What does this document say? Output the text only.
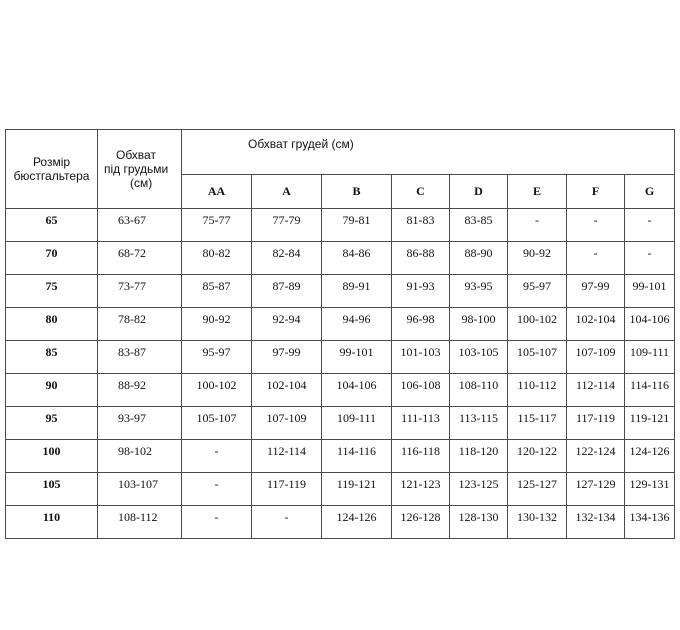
Розмір
бюстгальтера	Обхват
під грудьми
(см)	Обхват грудей (см)							
		AA	A	B	C	D	E	F	G
65	63-67	75-77	77-79	79-81	81-83	83-85	-	-	-
70	68-72	80-82	82-84	84-86	86-88	88-90	90-92	-	-
75	73-77	85-87	87-89	89-91	91-93	93-95	95-97	97-99	99-101
80	78-82	90-92	92-94	94-96	96-98	98-100	100-102	102-104	104-106
85	83-87	95-97	97-99	99-101	101-103	103-105	105-107	107-109	109-111
90	88-92	100-102	102-104	104-106	106-108	108-110	110-112	112-114	114-116
95	93-97	105-107	107-109	109-111	111-113	113-115	115-117	117-119	119-121
100	98-102	-	112-114	114-116	116-118	118-120	120-122	122-124	124-126
105	103-107	-	117-119	119-121	121-123	123-125	125-127	127-129	129-131
110	108-112	-	-	124-126	126-128	128-130	130-132	132-134	134-136
